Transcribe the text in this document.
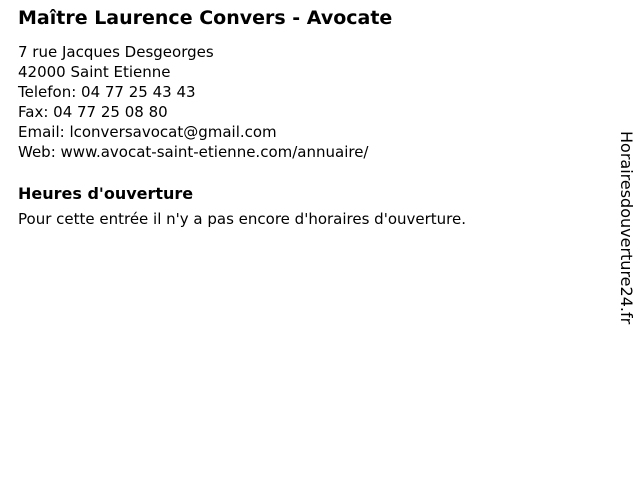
Maître Laurence Convers - Avocate
7 rue Jacques Desgeorges
42000 Saint Etienne
Telefon: 04 77 25 43 43
Fax: 04 77 25 08 80
Email: lconversavocat@gmail.com
Web: www.avocat-saint-etienne.com/annuaire/
Heures d'ouverture

Pour cette entrée il n'y a pas encore d'horaires d'ouverture.	Horairesdouverture24.fr
